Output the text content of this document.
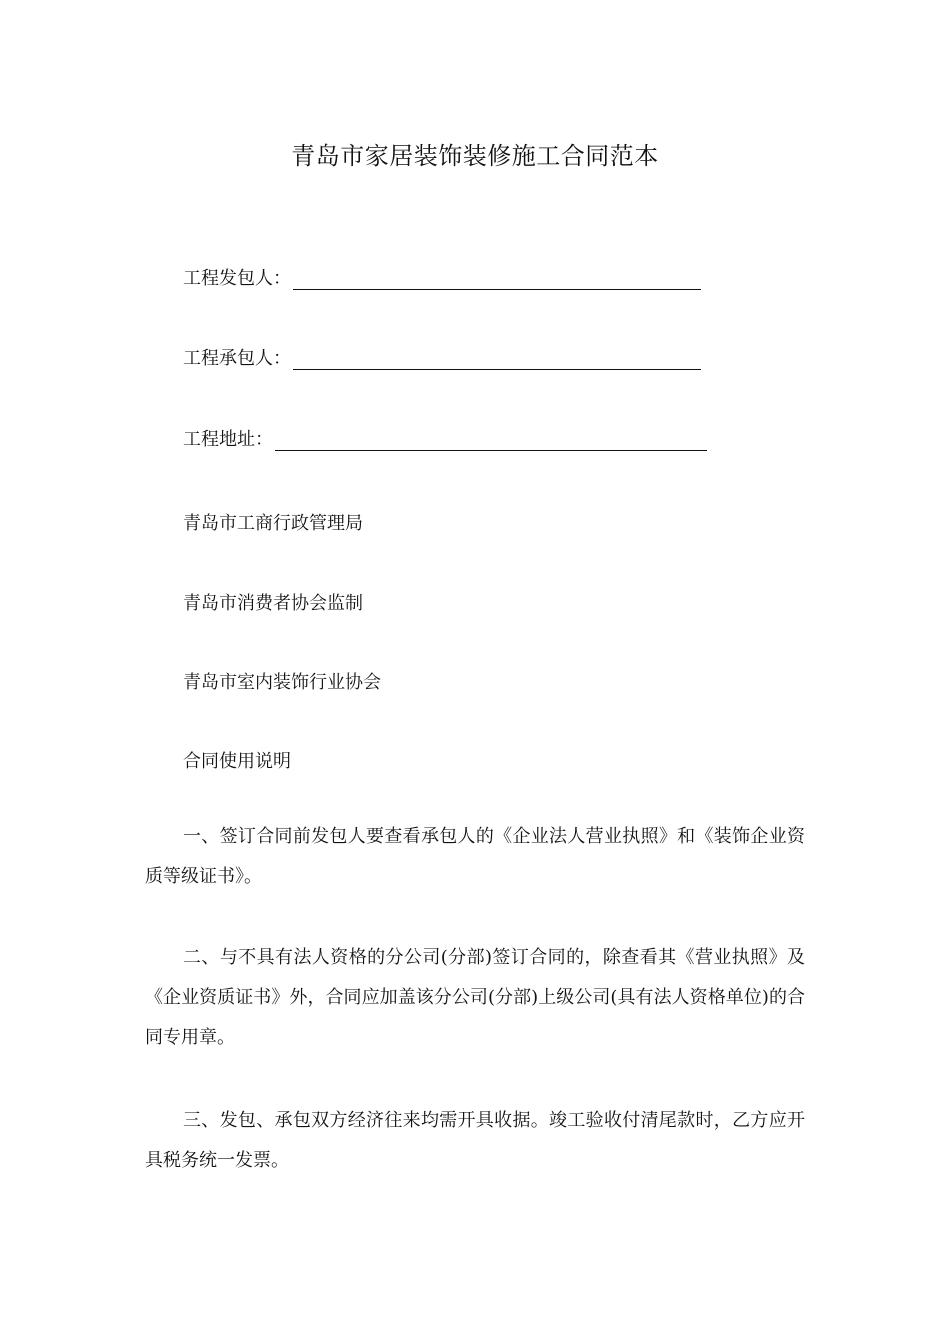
青岛市家居装饰装修施工合同范本
工程发包人：
工程承包人：
工程地址：
青岛市工商行政管理局
青岛市消费者协会监制
青岛市室内装饰行业协会
合同使用说明
一、签订合同前发包人要查看承包人的《企业法人营业执照》和《装饰企业资质等级证书》。
二、与不具有法人资格的分公司(分部)签订合同的，除查看其《营业执照》及《企业资质证书》外，合同应加盖该分公司(分部)上级公司(具有法人资格单位)的合同专用章。
三、发包、承包双方经济往来均需开具收据。竣工验收付清尾款时，乙方应开具税务统一发票。
